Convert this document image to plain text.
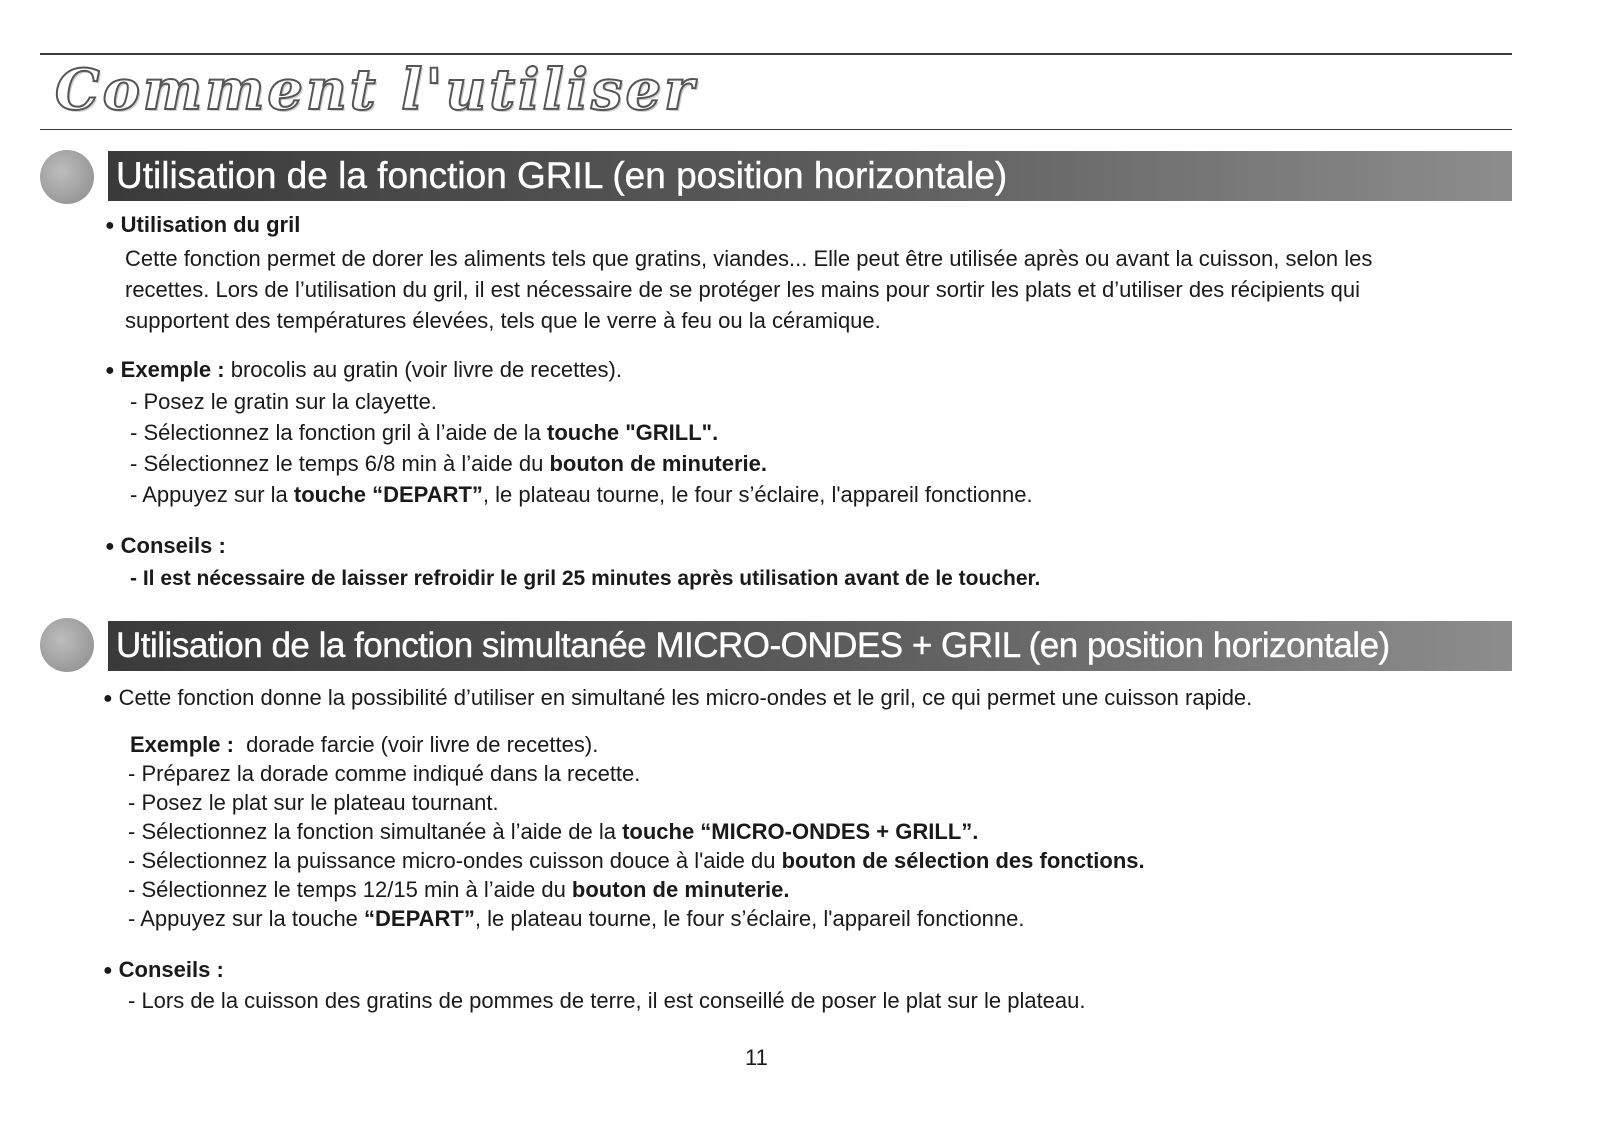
Comment l'utiliser
Utilisation de la fonction GRIL (en position horizontale)
● Utilisation du gril
Cette fonction permet de dorer les aliments tels que gratins, viandes... Elle peut être utilisée après ou avant la cuisson, selon les
recettes. Lors de l’utilisation du gril, il est nécessaire de se protéger les mains pour sortir les plats et d’utiliser des récipients qui
supportent des températures élevées, tels que le verre à feu ou la céramique.
● Exemple : brocolis au gratin (voir livre de recettes).
- Posez le gratin sur la clayette.
- Sélectionnez la fonction gril à l’aide de la touche "GRILL".
- Sélectionnez le temps 6/8 min à l’aide du bouton de minuterie.
- Appuyez sur la touche “DEPART”, le plateau tourne, le four s’éclaire, l'appareil fonctionne.
● Conseils :
- Il est nécessaire de laisser refroidir le gril 25 minutes après utilisation avant de le toucher.
Utilisation de la fonction simultanée MICRO-ONDES + GRIL (en position horizontale)
● Cette fonction donne la possibilité d’utiliser en simultané les micro-ondes et le gril, ce qui permet une cuisson rapide.
Exemple :  dorade farcie (voir livre de recettes).
- Préparez la dorade comme indiqué dans la recette.
- Posez le plat sur le plateau tournant.
- Sélectionnez la fonction simultanée à l’aide de la touche “MICRO-ONDES + GRILL”.
- Sélectionnez la puissance micro-ondes cuisson douce à l'aide du bouton de sélection des fonctions.
- Sélectionnez le temps 12/15 min à l’aide du bouton de minuterie.
- Appuyez sur la touche “DEPART”, le plateau tourne, le four s’éclaire, l'appareil fonctionne.
● Conseils :
- Lors de la cuisson des gratins de pommes de terre, il est conseillé de poser le plat sur le plateau.
11
